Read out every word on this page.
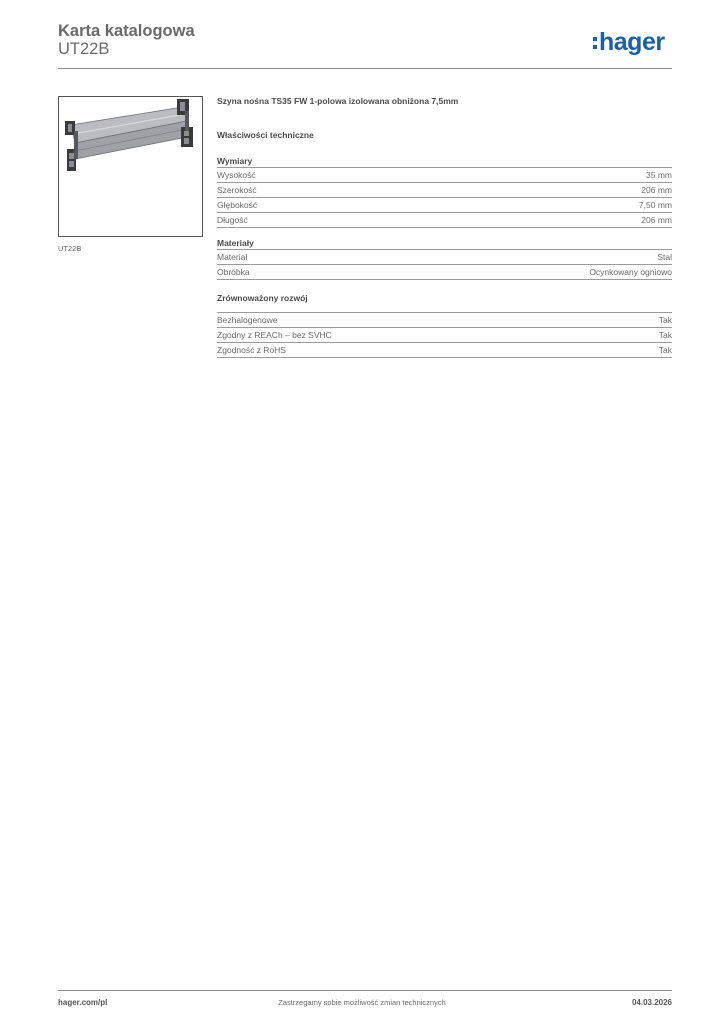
Karta katalogowa
UT22B	hager
UT22B
Szyna nośna TS35 FW 1-polowa izolowana obniżona 7,5mm
Właściwości techniczne
Wymiary
Wysokość	35 mm
Szerokość	206 mm
Głębokość	7,50 mm
Długość	206 mm
Materiały
Materiał	Stal
Obróbka	Ocynkowany ogniowo
Zrównoważony rozwój
Bezhalogenowe	Tak
Zgodny z REACh – bez SVHC	Tak
Zgodność z RoHS	Tak
hager.com/pl	Zastrzegamy sobie możliwość zmian technicznych	04.03.2026
